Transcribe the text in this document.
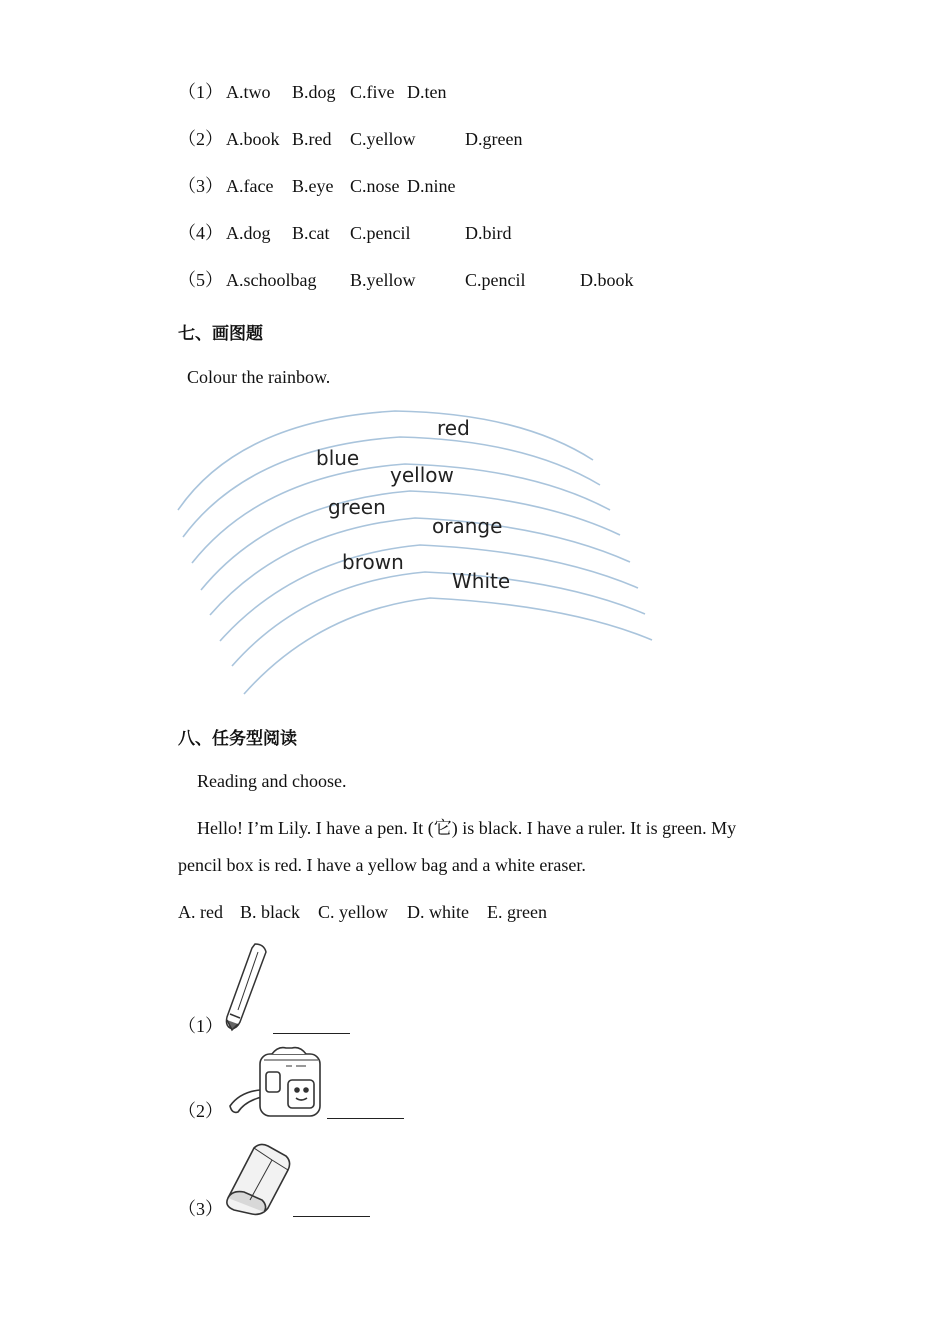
（1） A.two B.dog C.five D.ten
（2） A.book B.red C.yellow	D.green
（3） A.face B.eye C.nose D.nine
（4） A.dog B.cat C.pencil	D.bird
（5） A.schoolbag B.yellow	C.pencil	D.book
七、画图题
Colour the rainbow.
red
blue
yellow
green
orange
brown
White
八、任务型阅读
Reading and choose.
Hello! I’m Lily. I have a pen. It (它) is black. I have a ruler. It is green. My
pencil box is red. I have a yellow bag and a white eraser.
A. red B. black C. yellow D. white E. green
（1）
（2）
（3）
